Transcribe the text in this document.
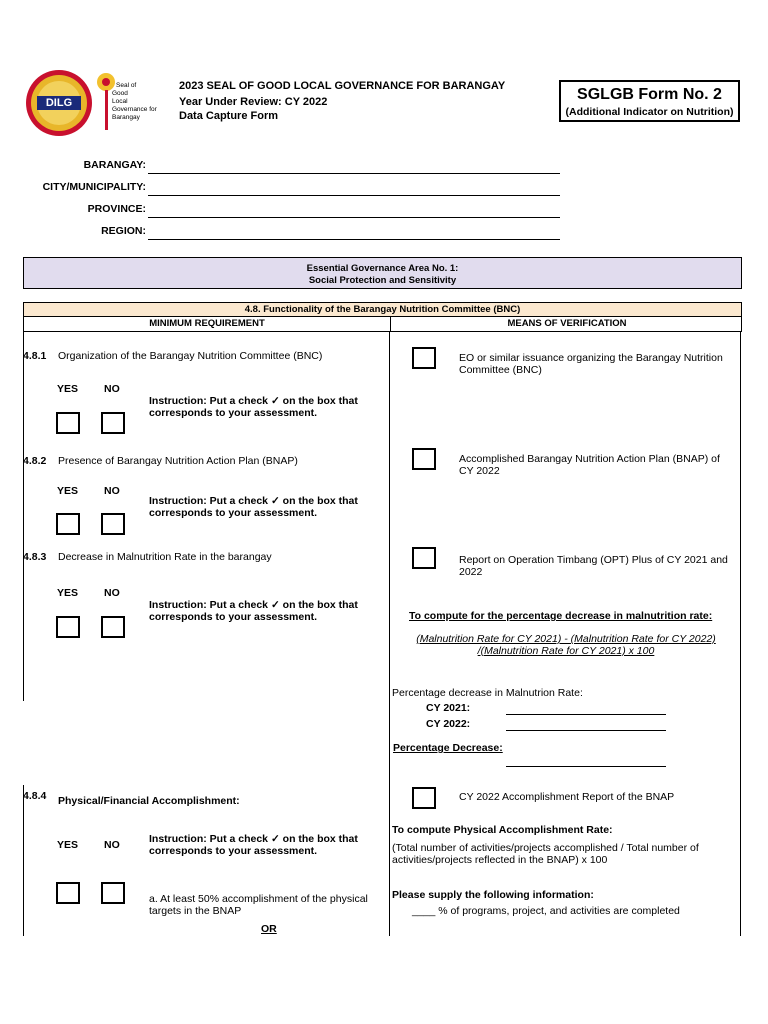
DILG
Seal of
Good
Local
Governance for
Barangay
2023 SEAL OF GOOD LOCAL GOVERNANCE FOR BARANGAY
Year Under Review: CY 2022
Data Capture Form
SGLGB Form No. 2
(Additional Indicator on Nutrition)
BARANGAY:
CITY/MUNICIPALITY:
PROVINCE:
REGION:
Essential Governance Area No. 1:
Social Protection and Sensitivity
4.8. Functionality of the Barangay Nutrition Committee (BNC)
MINIMUM REQUIREMENT	MEANS OF VERIFICATION
4.8.1 Organization of the Barangay Nutrition Committee (BNC)
YES NO
Instruction: Put a check ✓ on the box that
corresponds to your assessment.
EO or similar issuance organizing the Barangay Nutrition
Committee (BNC)
4.8.2 Presence of Barangay Nutrition Action Plan (BNAP)
YES NO
Instruction: Put a check ✓ on the box that
corresponds to your assessment.
Accomplished Barangay Nutrition Action Plan (BNAP) of
CY 2022
4.8.3 Decrease in Malnutrition Rate in the barangay
YES NO
Instruction: Put a check ✓ on the box that
corresponds to your assessment.
Report on Operation Timbang (OPT) Plus of CY 2021 and
2022
To compute for the percentage decrease in malnutrition rate:
(Malnutrition Rate for CY 2021) - (Malnutrition Rate for CY 2022)
/(Malnutrition Rate for CY 2021) x 100
Percentage decrease in Malnutrion Rate:
CY 2021:
CY 2022:
Percentage Decrease:
4.8.4 Physical/Financial Accomplishment:
Instruction: Put a check ✓ on the box that
corresponds to your assessment.
YES NO
a. At least 50% accomplishment of the physical
targets in the BNAP
OR
CY 2022 Accomplishment Report of the BNAP
To compute Physical Accomplishment Rate:
(Total number of activities/projects accomplished / Total number of
activities/projects reflected in the BNAP) x 100
Please supply the following information:
____ % of programs, project, and activities are completed
